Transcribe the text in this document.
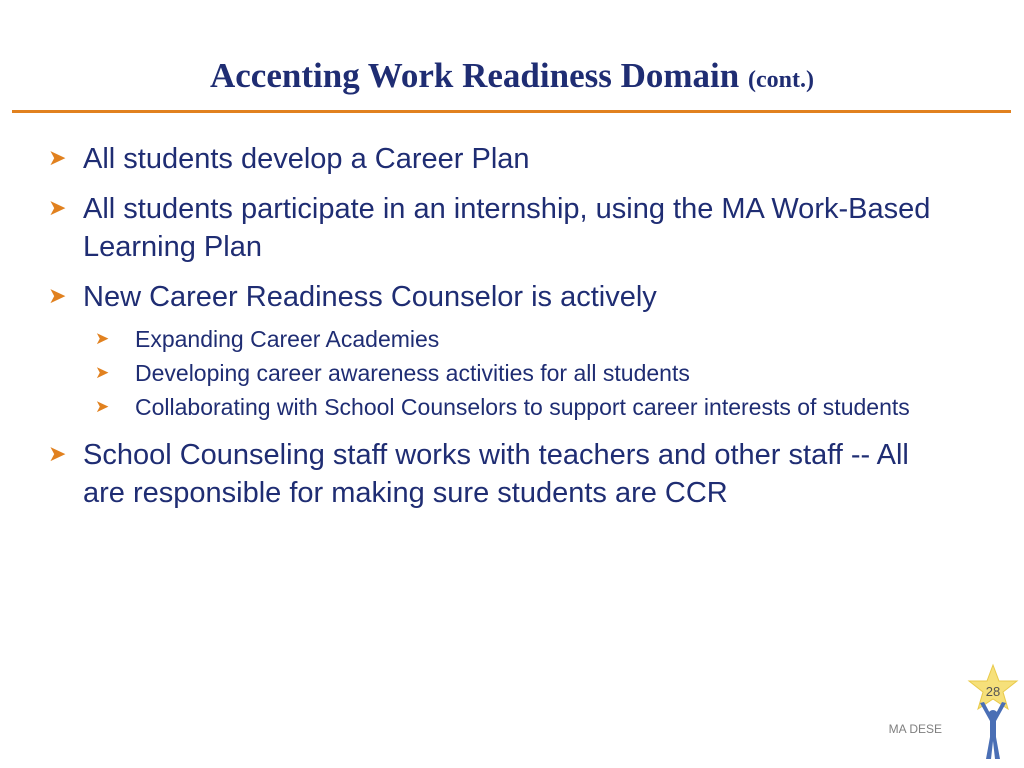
Accenting Work Readiness Domain (cont.)
➤ All students develop a Career Plan
➤ All students participate in an internship, using the MA Work-Based Learning Plan
➤ New Career Readiness Counselor is actively
➤ Expanding Career Academies
➤ Developing career awareness activities for all students
➤ Collaborating with School Counselors to support career interests of students
➤ School Counseling staff works with teachers and other staff -- All are responsible for making sure students are CCR
MA DESE
28
